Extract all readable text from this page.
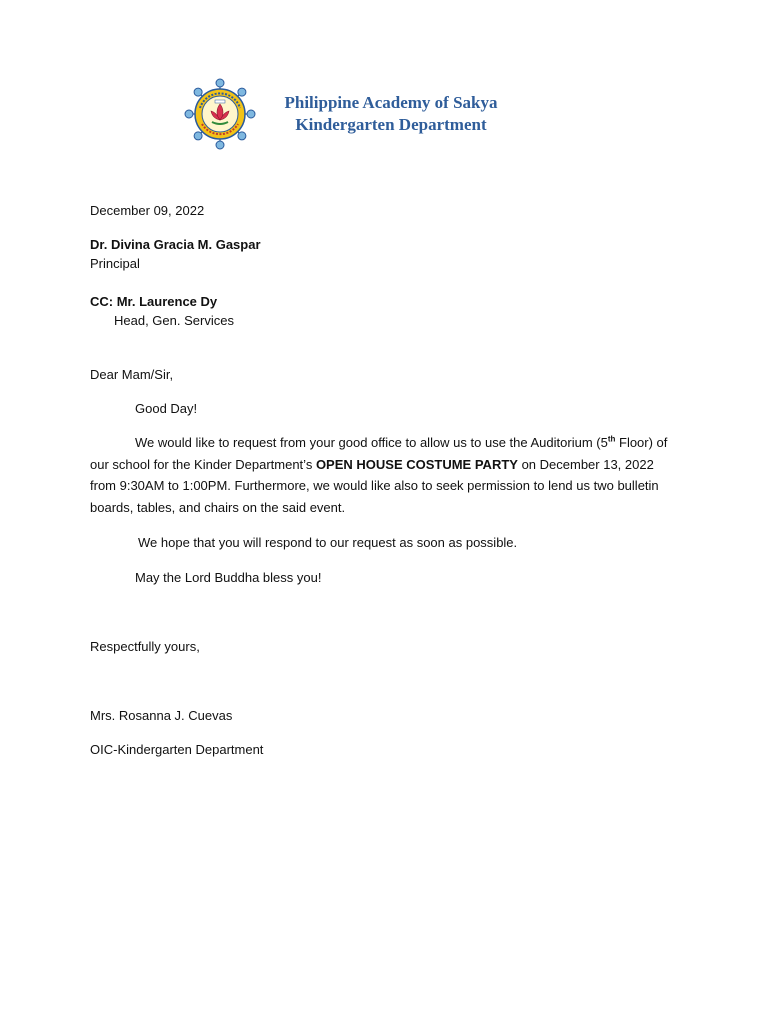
Philippine Academy of Sakya
Kindergarten Department
December 09, 2022
Dr. Divina Gracia M. Gaspar
Principal
CC: Mr. Laurence Dy
Head, Gen. Services
Dear Mam/Sir,
Good Day!
We would like to request from your good office to allow us to use the Auditorium (5th Floor) of our school for the Kinder Department’s OPEN HOUSE COSTUME PARTY on December 13, 2022 from 9:30AM to 1:00PM. Furthermore, we would like also to seek permission to lend us two bulletin boards, tables, and chairs on the said event.
We hope that you will respond to our request as soon as possible.
May the Lord Buddha bless you!
Respectfully yours,
Mrs. Rosanna J. Cuevas
OIC-Kindergarten Department
